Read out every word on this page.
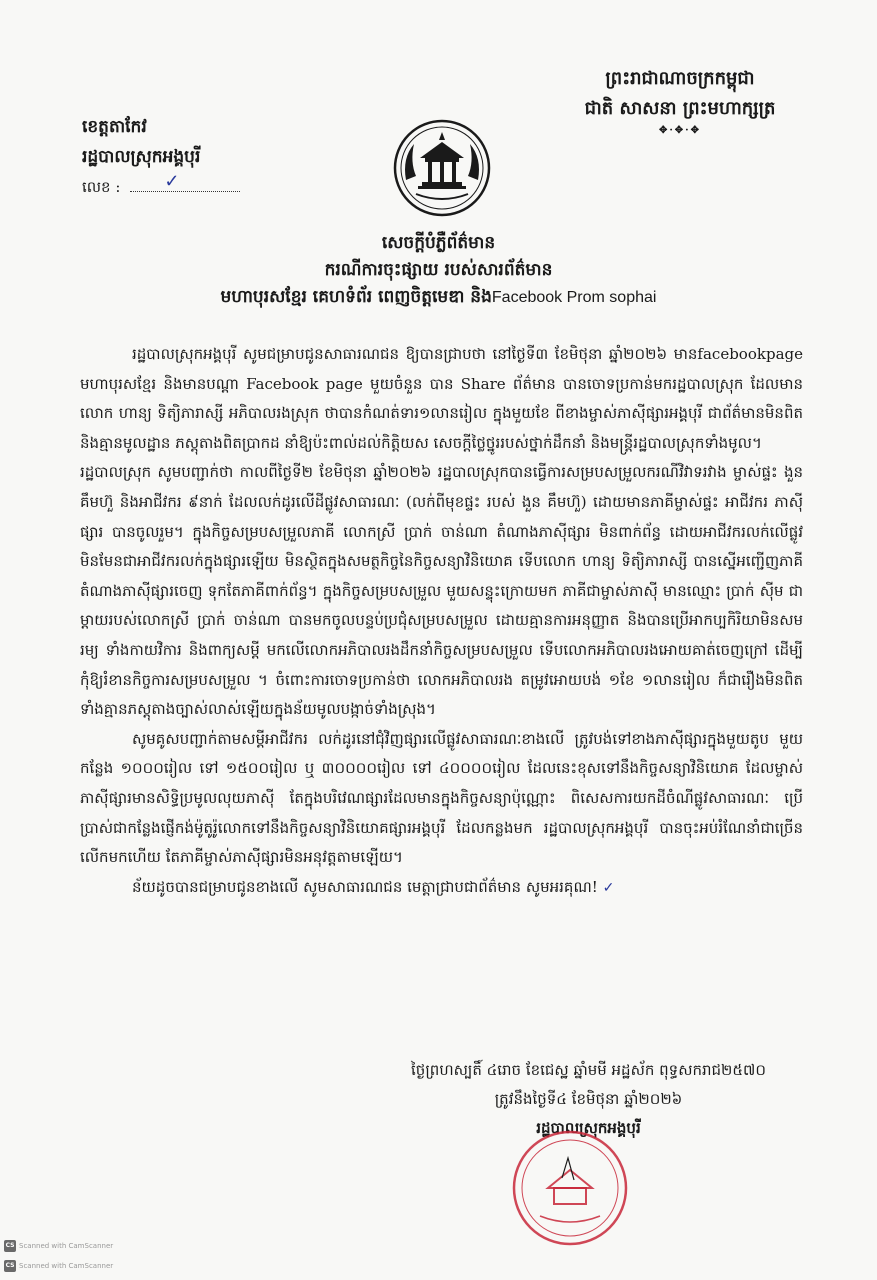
ព្រះរាជាណាចក្រកម្ពុជា
ជាតិ សាសនា ព្រះមហាក្សត្រ
✥·✥·✥
ខេត្តតាកែវ
រដ្ឋបាលស្រុកអង្គបុរី
លេខ : ✓
សេចក្តីបំភ្លឺព័ត៌មាន
ករណីការចុះផ្សាយ របស់សារព័ត៌មាន
មហាបុរសខ្មែរ គេហទំព័រ ពេញចិត្តមេឌា និងFacebook Prom sophai

រដ្ឋបាលស្រុកអង្គបុរី សូមជម្រាបជូនសាធារណជន ឱ្យបានជ្រាបថា នៅថ្ងៃទី៣ ខែមិថុនា ឆ្នាំ២០២៦ មានfacebookpage មហាបុរសខ្មែរ និងមានបណ្តា Facebook page មួយចំនួន បាន Share ព័ត៌មាន បានចោទប្រកាន់មករដ្ឋបាលស្រុក ដែលមានលោក ហាន្យ ទិត្យិភារាស្សី អភិបាលរងស្រុក ថាបានកំណត់ទារ១លានរៀល ក្នុងមួយខែ ពីខាងម្ចាស់ភាស៊ីផ្សារអង្គបុរី ជាព័ត៌មានមិនពិត និងគ្មានមូលដ្ឋាន ភស្តុតាងពិតប្រាកដ នាំឱ្យប៉ះពាល់ដល់កិត្តិយស សេចក្តីថ្លៃថ្នូររបស់ថ្នាក់ដឹកនាំ និងមន្ត្រីរដ្ឋបាលស្រុកទាំងមូល។

រដ្ឋបាលស្រុក សូមបញ្ជាក់ថា កាលពីថ្ងៃទី២ ខែមិថុនា ឆ្នាំ២០២៦ រដ្ឋបាលស្រុកបានធ្វើការសម្របសម្រួលករណីវិវាទរវាង ម្ចាស់ផ្ទះ ងួន គឹមហ៊ួ និងអាជីវករ ៩នាក់ ដែលលក់ដូរលើដីផ្លូវសាធារណៈ (លក់ពីមុខផ្ទះ របស់ ងួន គឹមហ៊ួ) ដោយមានភាគីម្ចាស់ផ្ទះ អាជីវករ ភាស៊ីផ្សារ បានចូលរួម។ ក្នុងកិច្ចសម្របសម្រួលភាគី លោកស្រី ប្រាក់ ចាន់ណា តំណាងភាស៊ីផ្សារ មិនពាក់ព័ន្ធ ដោយអាជីវករលក់លើផ្លូវ មិនមែនជាអាជីវករលក់ក្នុងផ្សារឡើយ មិនស្ថិតក្នុងសមត្ថកិច្ចនៃកិច្ចសន្យាវិនិយោគ ទើបលោក ហាន្យ ទិត្យិភារាស្សី បានស្នើអញ្ជើញភាគីតំណាងភាស៊ីផ្សារចេញ ទុកតែភាគីពាក់ព័ន្ធ។ ក្នុងកិច្ចសម្របសម្រួល មួយសន្ទុះក្រោយមក ភាគីជាម្ចាស់ភាស៊ី មានឈ្មោះ ប្រាក់ ស៊ីម ជាម្តាយរបស់លោកស្រី ប្រាក់ ចាន់ណា បានមកចូលបន្ទប់ប្រជុំសម្របសម្រួល ដោយគ្មានការអនុញ្ញាត និងបានប្រើអាកប្បកិរិយាមិនសមរម្យ ទាំងកាយវិការ និងពាក្យសម្តី មកលើលោកអភិបាលរងដឹកនាំកិច្ចសម្របសម្រួល ទើបលោកអភិបាលរងអោយគាត់ចេញក្រៅ ដើម្បីកុំឱ្យរំខានកិច្ចការសម្របសម្រួល ។ ចំពោះការចោទប្រកាន់ថា លោកអភិបាលរង តម្រូវអោយបង់ ១ខែ ១លានរៀល ក៏ជារឿងមិនពិតទាំងគ្មានភស្តុតាងច្បាស់លាស់ឡើយក្នុងន័យមូលបង្កាច់ទាំងស្រុង។

សូមគូសបញ្ជាក់តាមសម្តីអាជីវករ លក់ដូរនៅជុំវិញផ្សារលើផ្លូវសាធារណៈខាងលើ ត្រូវបង់ទៅខាងភាស៊ីផ្សារក្នុងមួយតូប មួយកន្លែង ១០០០រៀល ទៅ ១៥០០រៀល ឬ ៣០០០០រៀល ទៅ ៤០០០០រៀល ដែលនេះខុសទៅនឹងកិច្ចសន្យាវិនិយោគ ដែលម្ចាស់ភាស៊ីផ្សារមានសិទ្ធិប្រមូលលុយភាស៊ី តែក្នុងបរិវេណផ្សារដែលមានក្នុងកិច្ចសន្យាប៉ុណ្ណោះ ពិសេសការយកដីចំណីផ្លូវសាធារណៈ ប្រើប្រាស់ជាកន្លែងផ្ញើកង់ម៉ូតូរ៉ូលោកទៅនឹងកិច្ចសន្យាវិនិយោគផ្សារអង្គបុរី ដែលកន្លងមក រដ្ឋបាលស្រុកអង្គបុរី បានចុះអប់រំណែនាំជាច្រើនលើកមកហើយ តែភាគីម្ចាស់ភាស៊ីផ្សារមិនអនុវត្តតាមឡើយ។

ន័យដូចបានជម្រាបជូនខាងលើ សូមសាធារណជន មេត្តាជ្រាបជាព័ត៌មាន សូមអរគុណ! ✓

ថ្ងៃព្រហស្បតិ៍ ៤រោច ខែជេស្ឋ ឆ្នាំមមី អដ្ឋស័ក ពុទ្ធសករាជ២៥៧០
ត្រូវនឹងថ្ងៃទី៤ ខែមិថុនា ឆ្នាំ២០២៦
រដ្ឋបាលស្រុកអង្គបុរី
CS Scanned with CamScanner
CS Scanned with CamScanner
